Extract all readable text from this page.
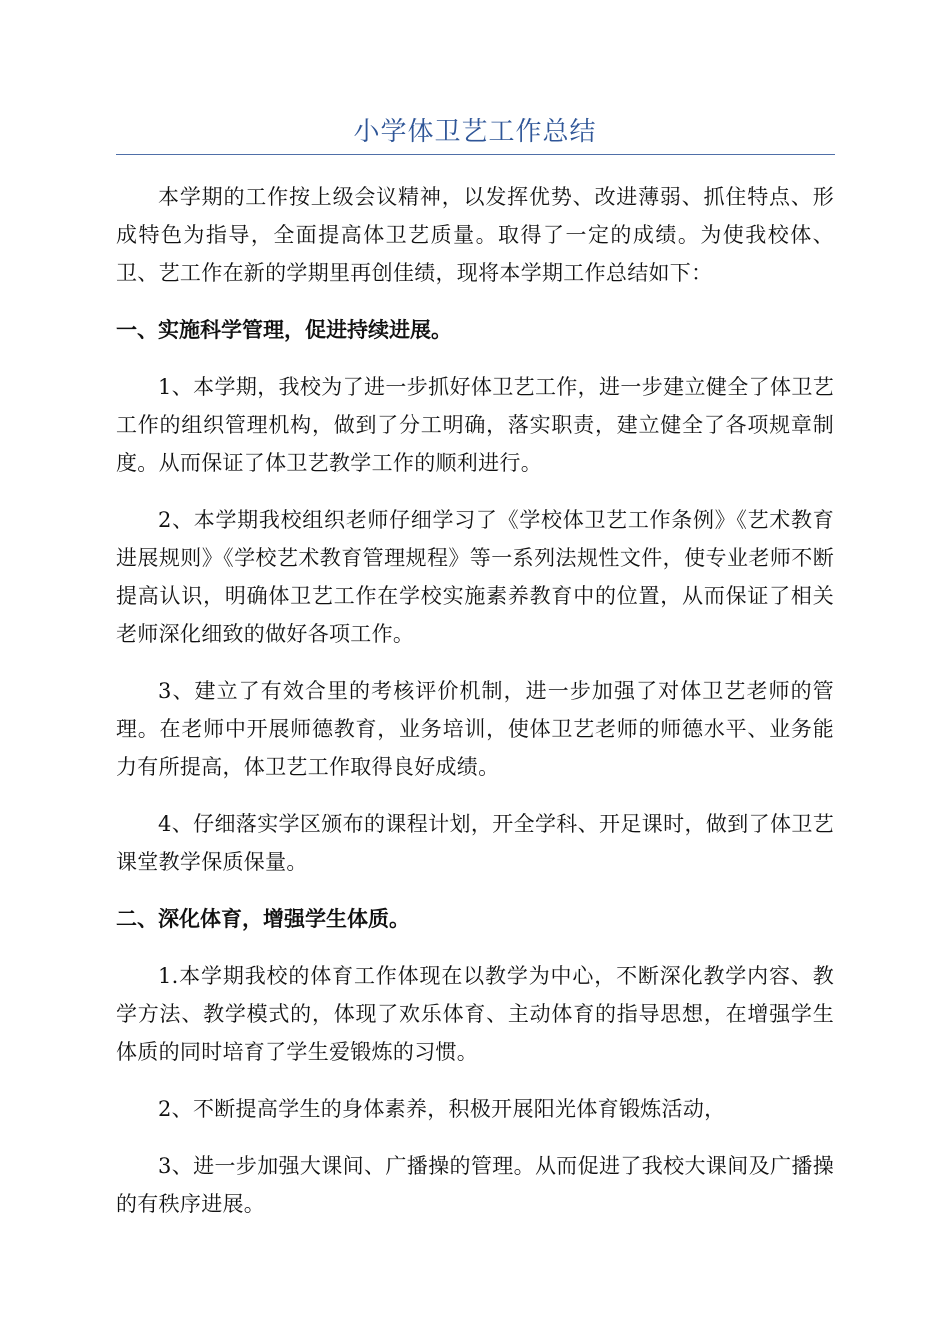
小学体卫艺工作总结

本学期的工作按上级会议精神，以发挥优势、改进薄弱、抓住特点、形成特色为指导，全面提高体卫艺质量。取得了一定的成绩。为使我校体、卫、艺工作在新的学期里再创佳绩，现将本学期工作总结如下：

一、实施科学管理，促进持续进展。

1、本学期，我校为了进一步抓好体卫艺工作，进一步建立健全了体卫艺工作的组织管理机构，做到了分工明确，落实职责，建立健全了各项规章制度。从而保证了体卫艺教学工作的顺利进行。

2、本学期我校组织老师仔细学习了《学校体卫艺工作条例》《艺术教育进展规则》《学校艺术教育管理规程》等一系列法规性文件，使专业老师不断提高认识，明确体卫艺工作在学校实施素养教育中的位置，从而保证了相关老师深化细致的做好各项工作。

3、建立了有效合里的考核评价机制，进一步加强了对体卫艺老师的管理。在老师中开展师德教育，业务培训，使体卫艺老师的师德水平、业务能力有所提高，体卫艺工作取得良好成绩。

4、仔细落实学区颁布的课程计划，开全学科、开足课时，做到了体卫艺课堂教学保质保量。

二、深化体育，增强学生体质。

1.本学期我校的体育工作体现在以教学为中心，不断深化教学内容、教学方法、教学模式的，体现了欢乐体育、主动体育的指导思想，在增强学生体质的同时培育了学生爱锻炼的习惯。

2、不断提高学生的身体素养，积极开展阳光体育锻炼活动，

3、进一步加强大课间、广播操的管理。从而促进了我校大课间及广播操的有秩序进展。
